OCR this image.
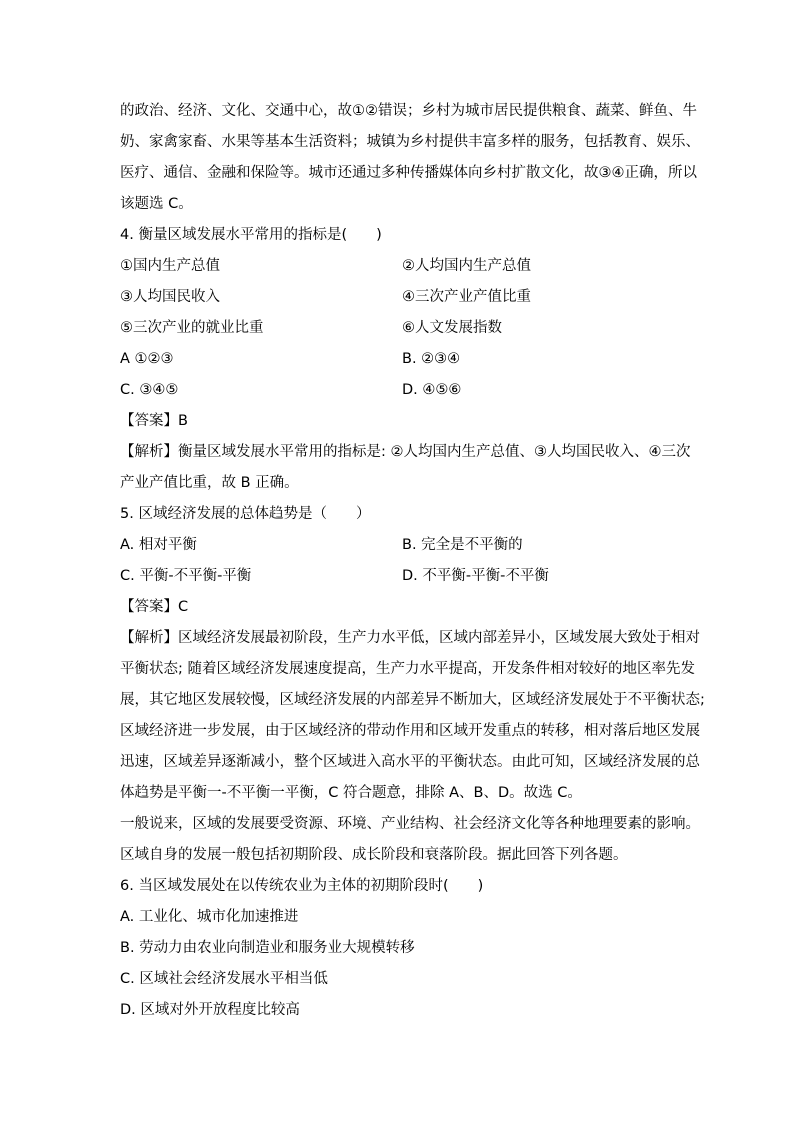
的政治、经济、文化、交通中心，故①②错误；乡村为城市居民提供粮食、蔬菜、鲜鱼、牛
奶、家禽家畜、水果等基本生活资料；城镇为乡村提供丰富多样的服务，包括教育、娱乐、
医疗、通信、金融和保险等。城市还通过多种传播媒体向乡村扩散文化，故③④正确，所以
该题选 C。
4. 衡量区域发展水平常用的指标是(　　)
①国内生产总值	②人均国内生产总值
③人均国民收入	④三次产业产值比重
⑤三次产业的就业比重	⑥人文发展指数
A ①②③	B. ②③④
C. ③④⑤	D. ④⑤⑥
【答案】B
【解析】衡量区域发展水平常用的指标是: ②人均国内生产总值、③人均国民收入、④三次
产业产值比重，故 B 正确。
5. 区域经济发展的总体趋势是（　　）
A. 相对平衡	B. 完全是不平衡的
C. 平衡-不平衡-平衡	D. 不平衡-平衡-不平衡
【答案】C
【解析】区域经济发展最初阶段，生产力水平低，区域内部差异小，区域发展大致处于相对
平衡状态; 随着区域经济发展速度提高，生产力水平提高，开发条件相对较好的地区率先发
展，其它地区发展较慢，区域经济发展的内部差异不断加大，区域经济发展处于不平衡状态;
区域经济进一步发展，由于区域经济的带动作用和区域开发重点的转移，相对落后地区发展
迅速，区域差异逐渐减小，整个区域进入高水平的平衡状态。由此可知，区域经济发展的总
体趋势是平衡一-不平衡一平衡，C 符合题意，排除 A、B、D。故选 C。
一般说来，区域的发展要受资源、环境、产业结构、社会经济文化等各种地理要素的影响。
区域自身的发展一般包括初期阶段、成长阶段和衰落阶段。据此回答下列各题。
6. 当区域发展处在以传统农业为主体的初期阶段时(　　)
A. 工业化、城市化加速推进
B. 劳动力由农业向制造业和服务业大规模转移
C. 区域社会经济发展水平相当低
D. 区域对外开放程度比较高
